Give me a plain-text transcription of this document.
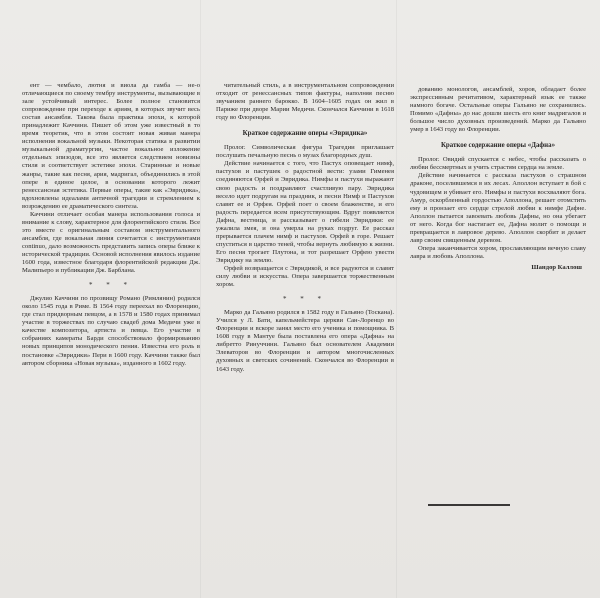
ент — чембало, лютня и виола да гамба — не-о отличающиеся по своему тембру инструменты, вызывающие в зале устойчивый интерес. Более полное становится сопровождение при переходе к ариям, в которых звучит весь состав ансамбля. Такова была практика эпохи, к которой принадлежит Каччини. Пишет об этом уже известный в то время теоретик, что в этом состоит новая живая манера исполнения вокальной музыки. Некоторая статика в развитии музыкальной драматургии, частое вокальное изложение отдельных эпизодов, все это является следствием новизны стиля и соответствует эстетике эпохи. Старинные и новые жанры, такие как песня, ария, мадригал, объединились в этой опере в единое целое, в основании которого лежит ренессансная эстетика. Первые оперы, такие как «Эвридика», вдохновлены идеалами античной трагедии и стремлением к возрождению ее драматического синтеза.

Каччини отличает особая манера использования голоса и внимание к слову, характерное для флорентийского стиля. Все это вместе с оригинальным составом инструментального ансамбля, где вокальная линия сочетается с инструментами continuo, дало возможность представить запись оперы ближе к исторической традиции. Основой исполнения явилось издание 1600 года, известное благодаря флорентийской редакции Дж. Малипьеро и публикации Дж. Барблана.

* * *

Джулио Каччини по прозвищу Романо (Римлянин) родился около 1545 года в Риме. В 1564 году переехал во Флоренцию, где стал придворным певцом, а в 1578 и 1580 годах принимал участие в торжествах по случаю свадеб дома Медичи уже в качестве композитора, артиста и певца. Его участие в собраниях камераты Барди способствовало формированию новых принципов монодического пения. Известна его роль в постановке «Эвридики» Пери в 1600 году. Каччини также был автором сборника «Новая музыка», изданного в 1602 году.

читательный стиль, а в инструментальном сопровождении отходит от ренессансных типов фактуры, наполняя песню звучанием раннего барокко. В 1604–1605 годах он жил в Париже при дворе Марии Медичи. Скончался Каччини в 1618 году во Флоренции.

Краткое содержание оперы «Эвридика»

Пролог. Символическая фигура Трагедии приглашает послушать печальную песнь о музах благородных душ.

Действие начинается с того, что Пастух оповещает нимф, пастухов и пастушек о радостной вести: узами Гименея соединяются Орфей и Эвридика. Нимфы и пастухи выражают свою радость и поздравляют счастливую пару. Эвридика весело идет подругам на праздник, и песни Нимф и Пастухов славят ее и Орфея. Орфей поет о своем блаженстве, и его радость передается всем присутствующим. Вдруг появляется Дафна, вестница, и рассказывает о гибели Эвридики: ее ужалила змея, и она умерла на руках подруг. Ее рассказ прерывается плачем нимф и пастухов. Орфей в горе. Решает спуститься в царство теней, чтобы вернуть любимую к жизни. Его песня трогает Плутона, и тот разрешает Орфею увести Эвридику на землю.

Орфей возвращается с Эвридикой, и все радуются и славят силу любви и искусства. Опера завершается торжественным хором.

* * *

Марко да Гальяно родился в 1582 году в Гальяно (Тоскана). Учился у Л. Бати, капельмейстера церкви Сан-Лоренцо во Флоренции и вскоре занял место его ученика и помощника. В 1608 году в Мантуе была поставлена его опера «Дафна» на либретто Ринуччини. Гальяно был основателем Академии Элеваторов во Флоренции и автором многочисленных духовных и светских сочинений. Скончался во Флоренции в 1643 году.

дованию монологов, ансамблей, хоров, обладает более экспрессивным речитативом, характерный язык ее также намного богаче. Остальные оперы Гальяно не сохранились. Помимо «Дафны» до нас дошли шесть его книг мадригалов и большое число духовных произведений. Марко да Гальяно умер в 1643 году во Флоренции.

Краткое содержание оперы «Дафна»

Пролог. Овидий спускается с небес, чтобы рассказать о любви бессмертных и учить страстям сердца на земле.

Действие начинается с рассказа пастухов о страшном драконе, поселившемся в их лесах. Аполлон вступает в бой с чудовищем и убивает его. Нимфы и пастухи восхваляют бога. Амур, оскорбленный гордостью Аполлона, решает отомстить ему и пронзает его сердце стрелой любви к нимфе Дафне. Аполлон пытается завоевать любовь Дафны, но она убегает от него. Когда бог настигает ее, Дафна молит о помощи и превращается в лавровое дерево. Аполлон скорбит и делает лавр своим священным деревом.

Опера заканчивается хором, прославляющим вечную славу лавра и любовь Аполлона.

Шандор Каллош
